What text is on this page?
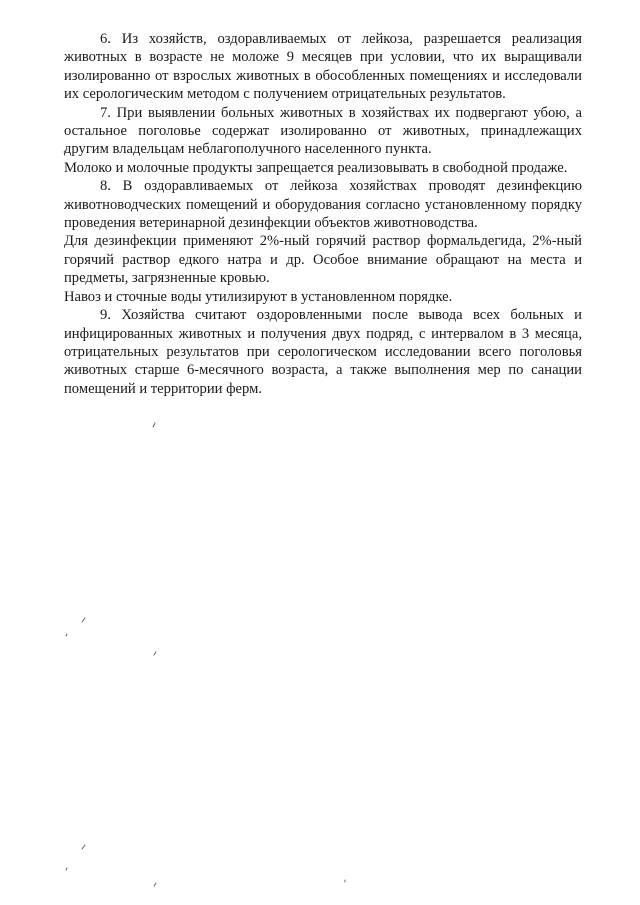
6. Из хозяйств, оздоравливаемых от лейкоза, разрешается реализация животных в возрасте не моложе 9 месяцев при условии, что их выращивали изолированно от взрослых животных в обособленных помещениях и исследовали их серологическим методом с получением отрицательных результатов.

7. При выявлении больных животных в хозяйствах их подвергают убою, а остальное поголовье содержат изолированно от животных, принадлежащих другим владельцам неблагополучного населенного пункта.

Молоко и молочные продукты запрещается реализовывать в свободной продаже.

8. В оздоравливаемых от лейкоза хозяйствах проводят дезинфекцию животноводческих помещений и оборудования согласно установленному порядку проведения ветеринарной дезинфекции объектов животноводства.

Для дезинфекции применяют 2%-ный горячий раствор формальдегида, 2%-ный горячий раствор едкого натра и др. Особое внимание обращают на места и предметы, загрязненные кровью.

Навоз и сточные воды утилизируют в установленном порядке.

9. Хозяйства считают оздоровленными после вывода всех больных и инфицированных животных и получения двух подряд, с интервалом в 3 месяца, отрицательных результатов при серологическом исследовании всего поголовья животных старше 6-месячного возраста, а также выполнения мер по санации помещений и территории ферм.
